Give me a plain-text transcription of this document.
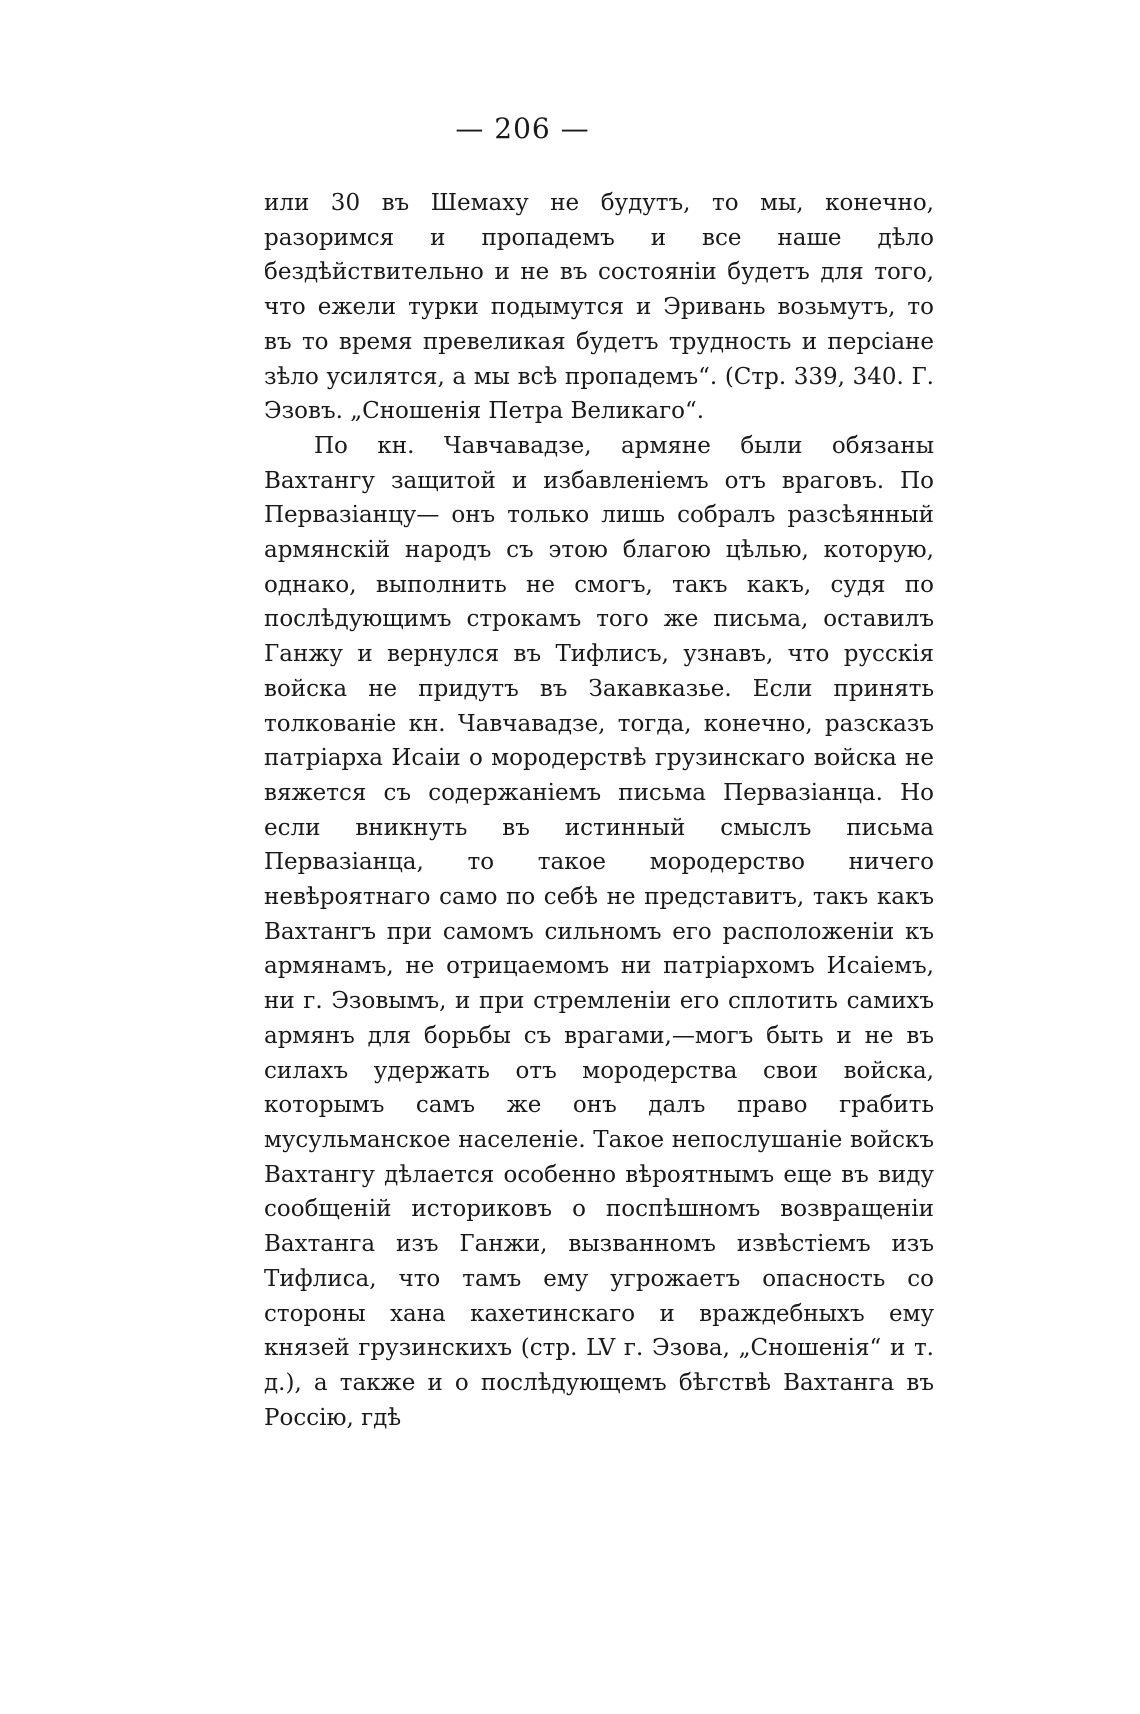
— 206 —

или 30 въ Шемаху не будутъ, то мы, конечно, разоримся и пропадемъ и все наше дѣло бездѣйствительно и не въ состояніи будетъ для того, что ежели турки подымутся и Эривань возьмутъ, то въ то время превеликая будетъ трудность и персіане зѣло усилятся, а мы всѣ пропадемъ“. (Стр. 339, 340. Г. Эзовъ. „Сношенія Петра Великаго“.

По кн. Чавчавадзе, армяне были обязаны Вахтангу защитой и избавленіемъ отъ враговъ. По Первазіанцу— онъ только лишь собралъ разсѣянный армянскій народъ съ этою благою цѣлью, которую, однако, выполнить не смогъ, такъ какъ, судя по послѣдующимъ строкамъ того же письма, оставилъ Ганжу и вернулся въ Тифлисъ, узнавъ, что русскія войска не придутъ въ Закавказье. Если принять толкованіе кн. Чавчавадзе, тогда, конечно, разсказъ патріарха Исаіи о мородерствѣ грузинскаго войска не вяжется съ содержаніемъ письма Первазіанца. Но если вникнуть въ истинный смыслъ письма Первазіанца, то такое мородерство ничего невѣроятнаго само по себѣ не представитъ, такъ какъ Вахтангъ при самомъ сильномъ его расположеніи къ армянамъ, не отрицаемомъ ни патріархомъ Исаіемъ, ни г. Эзовымъ, и при стремленіи его сплотить самихъ армянъ для борьбы съ врагами,—могъ быть и не въ силахъ удержать отъ мородерства свои войска, которымъ самъ же онъ далъ право грабить мусульманское населеніе. Такое непослушаніе войскъ Вахтангу дѣлается особенно вѣроятнымъ еще въ виду сообщеній историковъ о поспѣшномъ возвращеніи Вахтанга изъ Ганжи, вызванномъ извѣстіемъ изъ Тифлиса, что тамъ ему угрожаетъ опасность со стороны хана кахетинскаго и враждебныхъ ему князей грузинскихъ (стр. LV г. Эзова, „Сношенія“ и т. д.), а также и о послѣдующемъ бѣгствѣ Вахтанга въ Россію, гдѣ
